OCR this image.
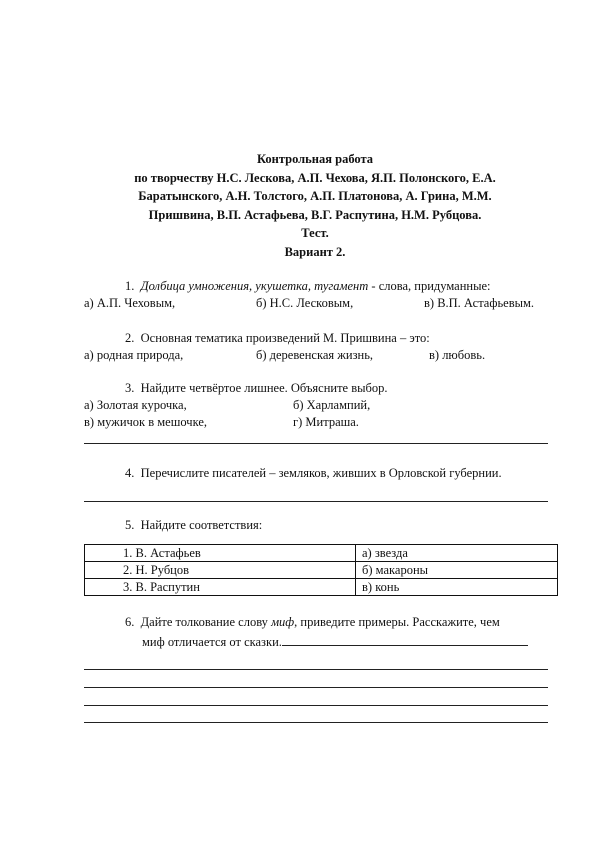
Контрольная работа
по творчеству Н.С. Лескова, А.П. Чехова, Я.П. Полонского, Е.А.
Баратынского, А.Н. Толстого, А.П. Платонова, А. Грина, М.М.
Пришвина, В.П. Астафьева, В.Г. Распутина, Н.М. Рубцова.
Тест.
Вариант 2.
1. Долбица умножения, укушетка, тугамент - слова, придуманные:
а) А.П. Чеховым,	б) Н.С. Лесковым,	в) В.П. Астафьевым.
2. Основная тематика произведений М. Пришвина – это:
а) родная природа,	б) деревенская жизнь,	в) любовь.
3. Найдите четвёртое лишнее. Объясните выбор.
а) Золотая курочка,	б) Харлампий,
в) мужичок в мешочке,	г) Митраша.
4. Перечислите писателей – земляков, живших в Орловской губернии.
5. Найдите соответствия:
1. В. Астафьев	а) звезда
2. Н. Рубцов	б) макароны
3. В. Распутин	в) конь
6. Дайте толкование слову миф, приведите примеры. Расскажите, чем
миф отличается от сказки.
